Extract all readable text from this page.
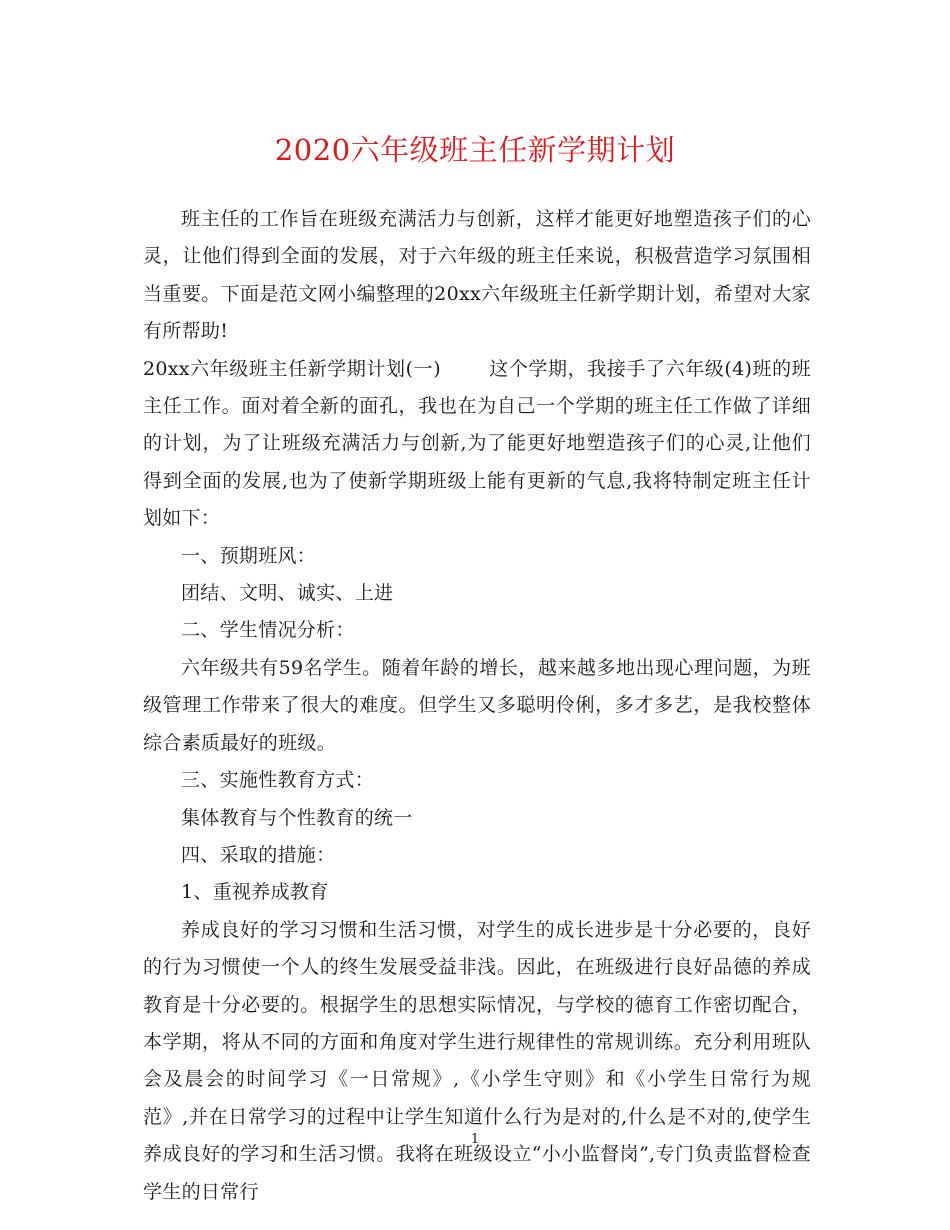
2020六年级班主任新学期计划

班主任的工作旨在班级充满活力与创新，这样才能更好地塑造孩子们的心灵，让他们得到全面的发展，对于六年级的班主任来说，积极营造学习氛围相当重要。下面是范文网小编整理的20xx六年级班主任新学期计划，希望对大家有所帮助!

20xx六年级班主任新学期计划(一)	这个学期，我接手了六年级(4)班的班主任工作。面对着全新的面孔，我也在为自己一个学期的班主任工作做了详细的计划，为了让班级充满活力与创新,为了能更好地塑造孩子们的心灵,让他们得到全面的发展,也为了使新学期班级上能有更新的气息,我将特制定班主任计划如下：

一、预期班风：

团结、文明、诚实、上进

二、学生情况分析：

六年级共有59名学生。随着年龄的增长，越来越多地出现心理问题，为班级管理工作带来了很大的难度。但学生又多聪明伶俐，多才多艺，是我校整体综合素质最好的班级。

三、实施性教育方式：

集体教育与个性教育的统一

四、采取的措施：

1、重视养成教育

养成良好的学习习惯和生活习惯，对学生的成长进步是十分必要的，良好的行为习惯使一个人的终生发展受益非浅。因此，在班级进行良好品德的养成教育是十分必要的。根据学生的思想实际情况，与学校的德育工作密切配合，本学期，将从不同的方面和角度对学生进行规律性的常规训练。充分利用班队会及晨会的时间学习《一日常规》,《小学生守则》和《小学生日常行为规范》,并在日常学习的过程中让学生知道什么行为是对的,什么是不对的,使学生养成良好的学习和生活习惯。我将在班级设立“小小监督岗”,专门负责监督检查学生的日常行

1
